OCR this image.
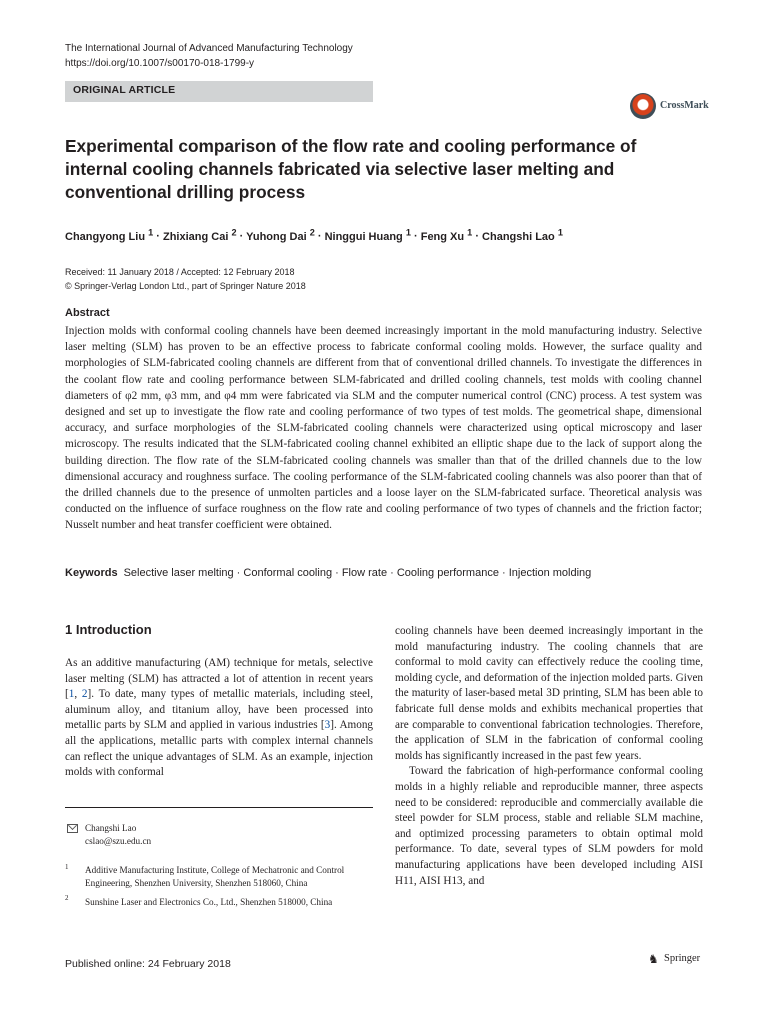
The International Journal of Advanced Manufacturing Technology
https://doi.org/10.1007/s00170-018-1799-y
ORIGINAL ARTICLE
CrossMark
Experimental comparison of the flow rate and cooling performance of internal cooling channels fabricated via selective laser melting and conventional drilling process
Changyong Liu $^1$ · Zhixiang Cai $^2$ · Yuhong Dai $^2$ · Ninggui Huang $^1$ · Feng Xu $^1$ · Changshi Lao $^1$
Received: 11 January 2018 / Accepted: 12 February 2018
© Springer-Verlag London Ltd., part of Springer Nature 2018
Abstract
Injection molds with conformal cooling channels have been deemed increasingly important in the mold manufacturing industry. Selective laser melting (SLM) has proven to be an effective process to fabricate conformal cooling molds. However, the surface quality and morphologies of SLM-fabricated cooling channels are different from that of conventional drilled channels. To investigate the differences in the coolant flow rate and cooling performance between SLM-fabricated and drilled cooling channels, test molds with cooling channel diameters of φ2 mm, φ3 mm, and φ4 mm were fabricated via SLM and the computer numerical control (CNC) process. A test system was designed and set up to investigate the flow rate and cooling performance of two types of test molds. The geometrical shape, dimensional accuracy, and surface morphologies of the SLM-fabricated cooling channels were characterized using optical microscopy and laser microscopy. The results indicated that the SLM-fabricated cooling channel exhibited an elliptic shape due to the lack of support along the building direction. The flow rate of the SLM-fabricated cooling channels was smaller than that of the drilled channels due to the low dimensional accuracy and roughness surface. The cooling performance of the SLM-fabricated cooling channels was also poorer than that of the drilled channels due to the presence of unmolten particles and a loose layer on the SLM-fabricated surface. Theoretical analysis was conducted on the influence of surface roughness on the flow rate and cooling performance of two types of channels and the friction factor; Nusselt number and heat transfer coefficient were obtained.
Keywords Selective laser melting · Conformal cooling · Flow rate · Cooling performance · Injection molding
1 Introduction

As an additive manufacturing (AM) technique for metals, selective laser melting (SLM) has attracted a lot of attention in recent years [1, 2]. To date, many types of metallic materials, including steel, aluminum alloy, and titanium alloy, have been processed into metallic parts by SLM and applied in various industries [3]. Among all the applications, metallic parts with complex internal channels can reflect the unique advantages of SLM. As an example, injection molds with conformal

cooling channels have been deemed increasingly important in the mold manufacturing industry. The cooling channels that are conformal to mold cavity can effectively reduce the cooling time, molding cycle, and deformation of the injection molded parts. Given the maturity of laser-based metal 3D printing, SLM has been able to fabricate full dense molds and exhibits mechanical properties that are comparable to conventional fabrication technologies. Therefore, the application of SLM in the fabrication of conformal cooling molds has significantly increased in the past few years.

Toward the fabrication of high-performance conformal cooling molds in a highly reliable and reproducible manner, three aspects need to be considered: reproducible and commercially available die steel powder for SLM process, stable and reliable SLM machine, and optimized processing parameters to obtain optimal mold performance. To date, several types of SLM powders for mold manufacturing applications have been developed including AISI H11, AISI H13, and

Changshi Lao
cslao@szu.edu.cn
1 Additive Manufacturing Institute, College of Mechatronic and Control Engineering, Shenzhen University, Shenzhen 518060, China
2 Sunshine Laser and Electronics Co., Ltd., Shenzhen 518000, China
Published online: 24 February 2018	♞ Springer
